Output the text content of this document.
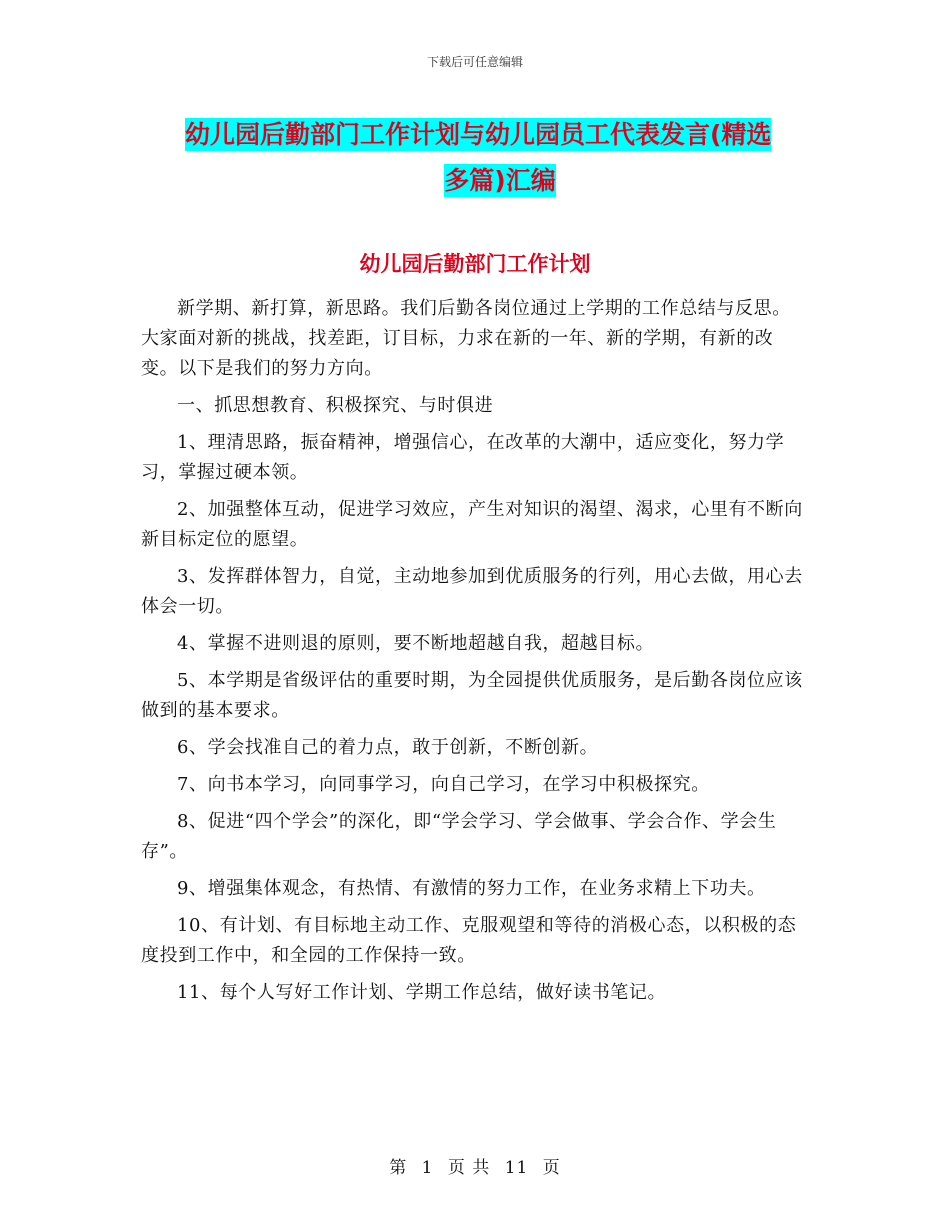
下载后可任意编辑
幼儿园后勤部门工作计划与幼儿园员工代表发言(精选
多篇)汇编
幼儿园后勤部门工作计划

新学期、新打算，新思路。我们后勤各岗位通过上学期的工作总结与反思。大家面对新的挑战，找差距，订目标，力求在新的一年、新的学期，有新的改变。以下是我们的努力方向。

一、抓思想教育、积极探究、与时俱进

1、理清思路，振奋精神，增强信心，在改革的大潮中，适应变化，努力学习，掌握过硬本领。

2、加强整体互动，促进学习效应，产生对知识的渴望、渴求，心里有不断向新目标定位的愿望。

3、发挥群体智力，自觉，主动地参加到优质服务的行列，用心去做，用心去体会一切。

4、掌握不进则退的原则，要不断地超越自我，超越目标。

5、本学期是省级评估的重要时期，为全园提供优质服务，是后勤各岗位应该做到的基本要求。

6、学会找准自己的着力点，敢于创新，不断创新。

7、向书本学习，向同事学习，向自己学习，在学习中积极探究。

8、促进“四个学会”的深化，即“学会学习、学会做事、学会合作、学会生存”。

9、增强集体观念，有热情、有激情的努力工作，在业务求精上下功夫。

10、有计划、有目标地主动工作、克服观望和等待的消极心态，以积极的态度投到工作中，和全园的工作保持一致。

11、每个人写好工作计划、学期工作总结，做好读书笔记。

第 1 页 共 11 页
